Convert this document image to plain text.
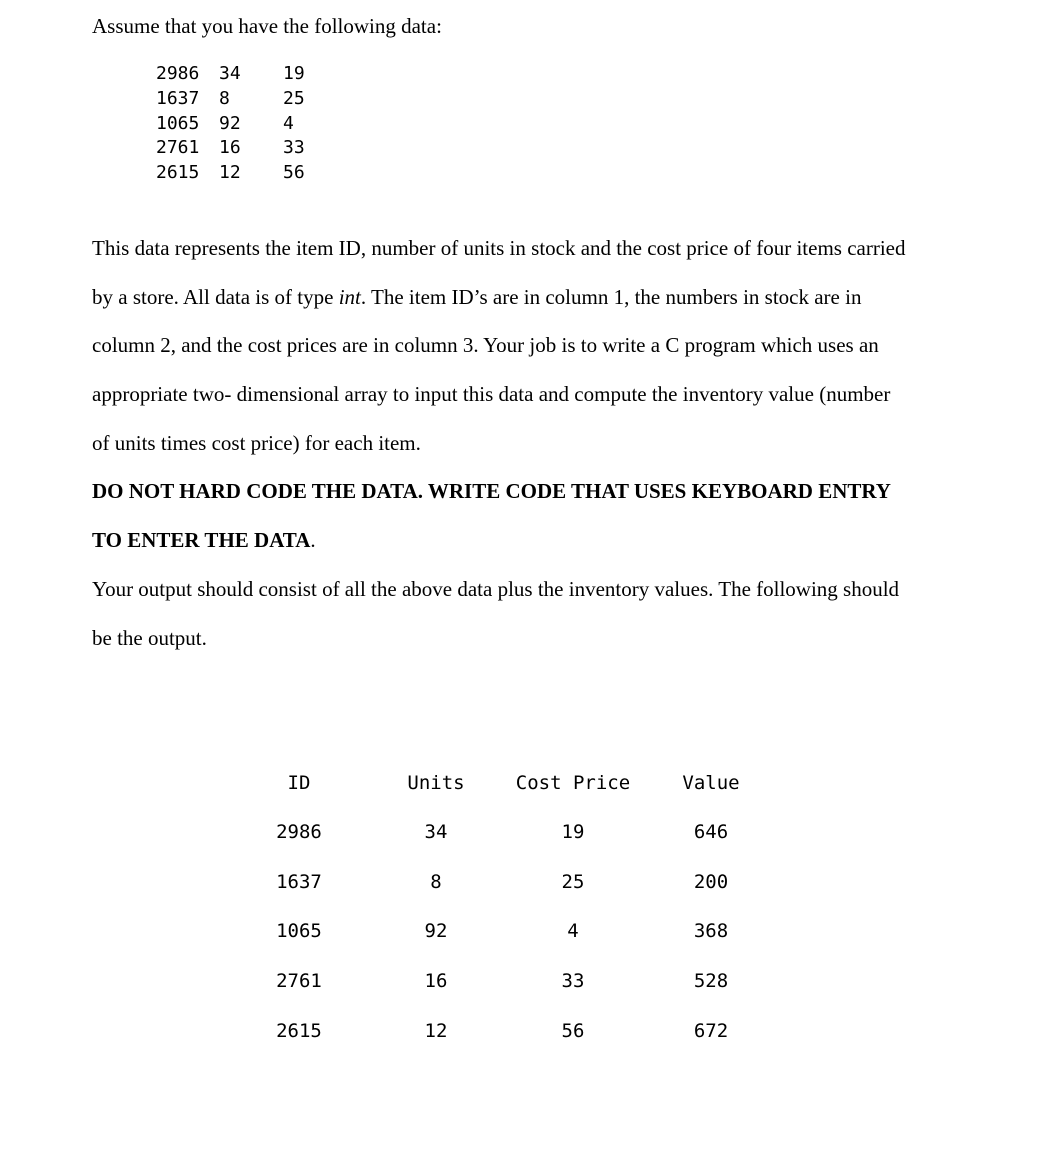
Assume that you have the following data:
2986 34 19
1637 8	25
1065 92 4
2761 16 33
2615 12 56
This data represents the item ID, number of units in stock and the cost price of four items carried
by a store. All data is of type int. The item ID’s are in column 1, the numbers in stock are in
column 2, and the cost prices are in column 3. Your job is to write a C program which uses an
appropriate two- dimensional array to input this data and compute the inventory value (number
of units times cost price) for each item.
DO NOT HARD CODE THE DATA. WRITE CODE THAT USES KEYBOARD ENTRY
TO ENTER THE DATA.
Your output should consist of all the above data plus the inventory values. The following should
be the output.
ID	Units	Cost Price	Value
2986	34	19	646
1637	8	25	200
1065	92	4	368
2761	16	33	528
2615	12	56	672
